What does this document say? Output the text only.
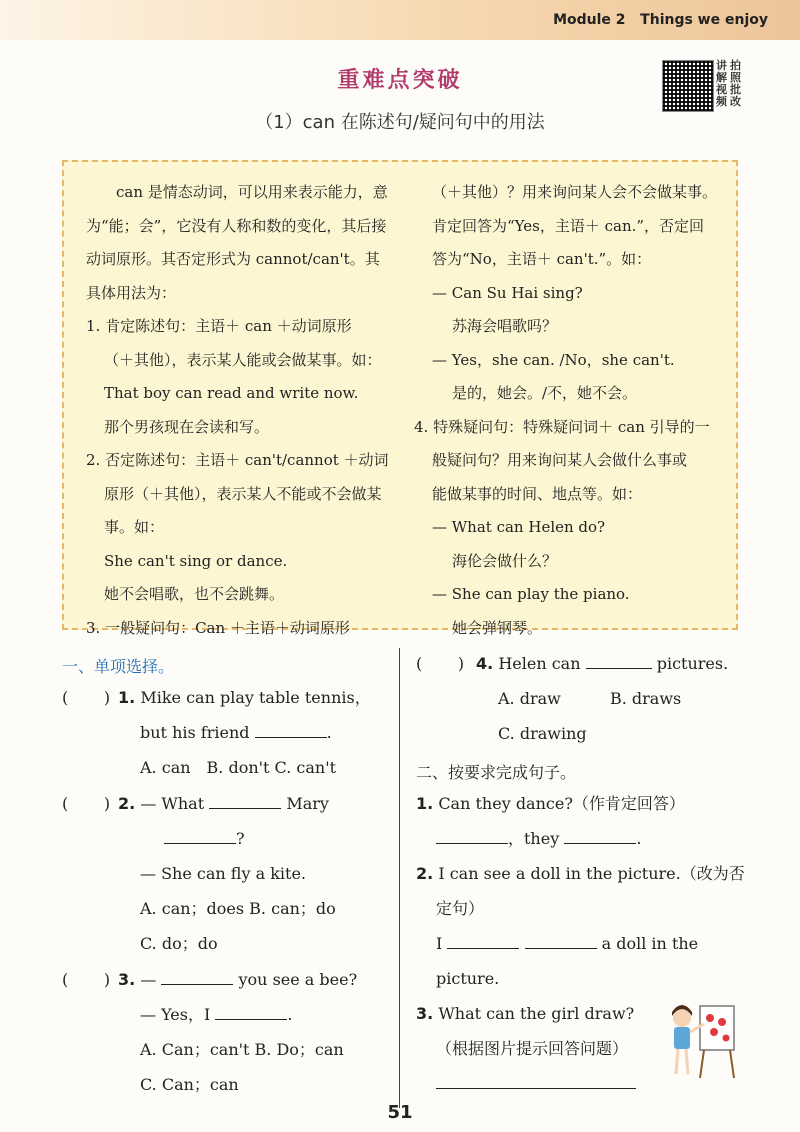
Module 2 Things we enjoy
重难点突破
讲
解
视
频
拍
照
批
改
（1）can 在陈述句/疑问句中的用法

　　can 是情态动词，可以用来表示能力，意

为“能；会”，它没有人称和数的变化，其后接

动词原形。其否定形式为 cannot/can't。其

具体用法为：

1. 肯定陈述句：主语＋ can ＋动词原形

（＋其他），表示某人能或会做某事。如：

That boy can read and write now.

那个男孩现在会读和写。

2. 否定陈述句：主语＋ can't/cannot ＋动词

原形（＋其他），表示某人不能或不会做某

事。如：

She can't sing or dance.

她不会唱歌，也不会跳舞。

3. 一般疑问句：Can ＋主语＋动词原形

（＋其他）？用来询问某人会不会做某事。

肯定回答为“Yes，主语＋ can.”，否定回

答为“No，主语＋ can't.”。如：

— Can Su Hai sing?

苏海会唱歌吗？

— Yes，she can. /No，she can't.

是的，她会。/不，她不会。

4. 特殊疑问句：特殊疑问词＋ can 引导的一

般疑问句？用来询问某人会做什么事或

能做某事的时间、地点等。如：

— What can Helen do?

海伦会做什么？

— She can play the piano.

她会弹钢琴。

一、单项选择。
(       ) 1. Mike can play table tennis，
but his friend	.
A. can　B. don't C. can't
(       ) 2. — What	Mary
?
— She can fly a kite.
A. can；does B. can；do
C. do；do
(       ) 3. —	you see a bee?
— Yes，I	.
A. Can；can't B. Do；can
C. Can；can
(       ) 4. Helen can	pictures.
A. draw	B. draws
C. drawing
二、按要求完成句子。
1. Can they dance?（作肯定回答）
，they	.
2. I can see a doll in the picture.（改为否
定句）
I	a doll in the
picture.
3. What can the girl draw?
（根据图片提示回答问题）

51
